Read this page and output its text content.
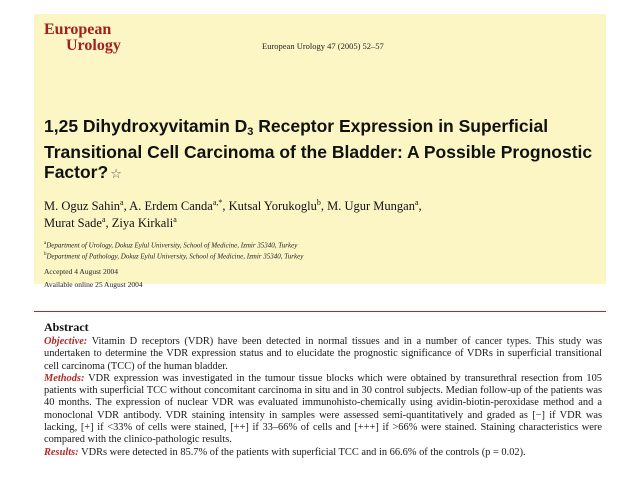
European
Urology	European Urology 47 (2005) 52–57
1,25 Dihydroxyvitamin $D_3$ Receptor Expression in Superficial Transitional Cell Carcinoma of the Bladder: A Possible Prognostic Factor? ☆
M. Oguz Sahin$^a$, A. Erdem Canda$^{a,*}$, Kutsal Yorukoglu$^b$, M. Ugur Mungan$^a$,
Murat Sade$^a$, Ziya Kirkali$^a$
$^a$Department of Urology, Dokuz Eylul University, School of Medicine, Izmir 35340, Turkey
$^b$Department of Pathology, Dokuz Eylul University, School of Medicine, Izmir 35340, Turkey
Accepted 4 August 2004
Available online 25 August 2004
Abstract

Objective: Vitamin D receptors (VDR) have been detected in normal tissues and in a number of cancer types. This study was undertaken to determine the VDR expression status and to elucidate the prognostic significance of VDRs in superficial transitional cell carcinoma (TCC) of the human bladder.

Methods: VDR expression was investigated in the tumour tissue blocks which were obtained by transurethral resection from 105 patients with superficial TCC without concomitant carcinoma in situ and in 30 control subjects. Median follow-up of the patients was 40 months. The expression of nuclear VDR was evaluated immunohisto-chemically using avidin-biotin-peroxidase method and a monoclonal VDR antibody. VDR staining intensity in samples were assessed semi-quantitatively and graded as [−] if VDR was lacking, [+] if <33% of cells were stained, [++] if 33–66% of cells and [+++] if >66% were stained. Staining characteristics were compared with the clinico-pathologic results.

Results: VDRs were detected in 85.7% of the patients with superficial TCC and in 66.6% of the controls (p = 0.02).
